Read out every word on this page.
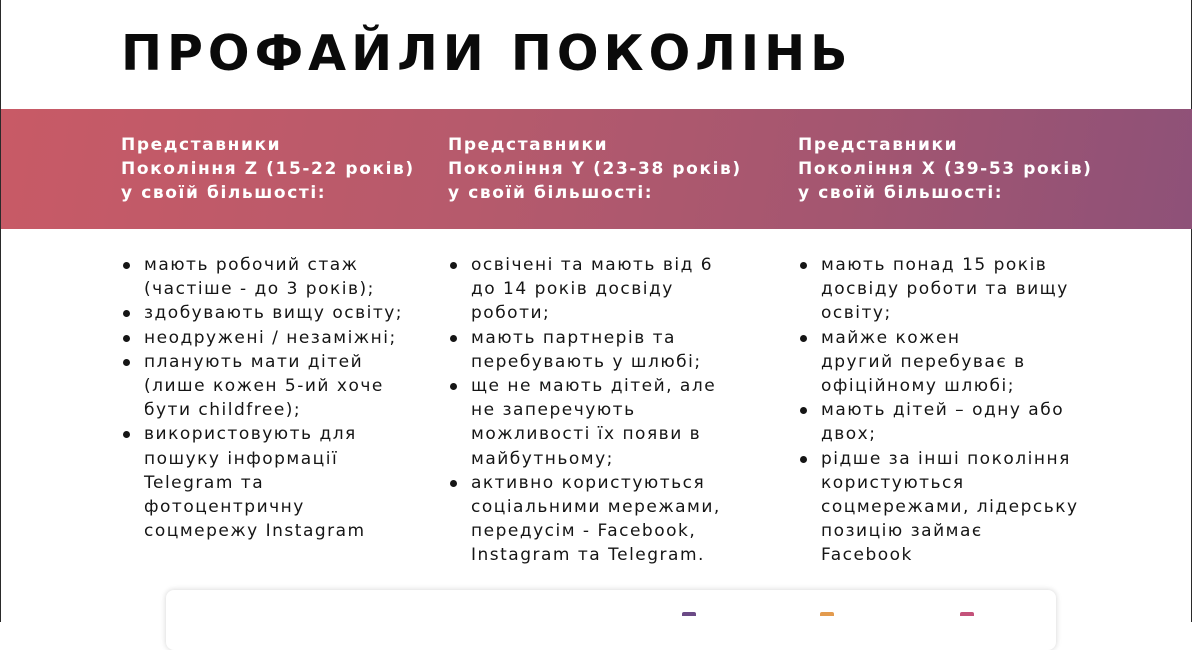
ПРОФАЙЛИ ПОКОЛІНЬ
Представники
Покоління Z (15-22 років)
у своїй більшості:
Представники
Покоління Y (23-38 років)
у своїй більшості:
Представники
Покоління X (39-53 років)
у своїй більшості:
мають робочий стаж
(частіше - до 3 років);
здобувають вищу освіту;
неодружені / незаміжні;
планують мати дітей
(лише кожен 5-ий хоче
бути childfree);
використовують для
пошуку інформації
Telegram та
фотоцентричну
соцмережу Instagram
освічені та мають від 6
до 14 років досвіду
роботи;
мають партнерів та
перебувають у шлюбі;
ще не мають дітей, але
не заперечують
можливості їх появи в
майбутньому;
активно користуються
соціальними мережами,
передусім - Facebook,
Instagram та Telegram.
мають понад 15 років
досвіду роботи та вищу
освіту;
майже кожен
другий перебуває в
офіційному шлюбі;
мають дітей – одну або
двох;
рідше за інші покоління
користуються
соцмережами, лідерську
позицію займає
Facebook
